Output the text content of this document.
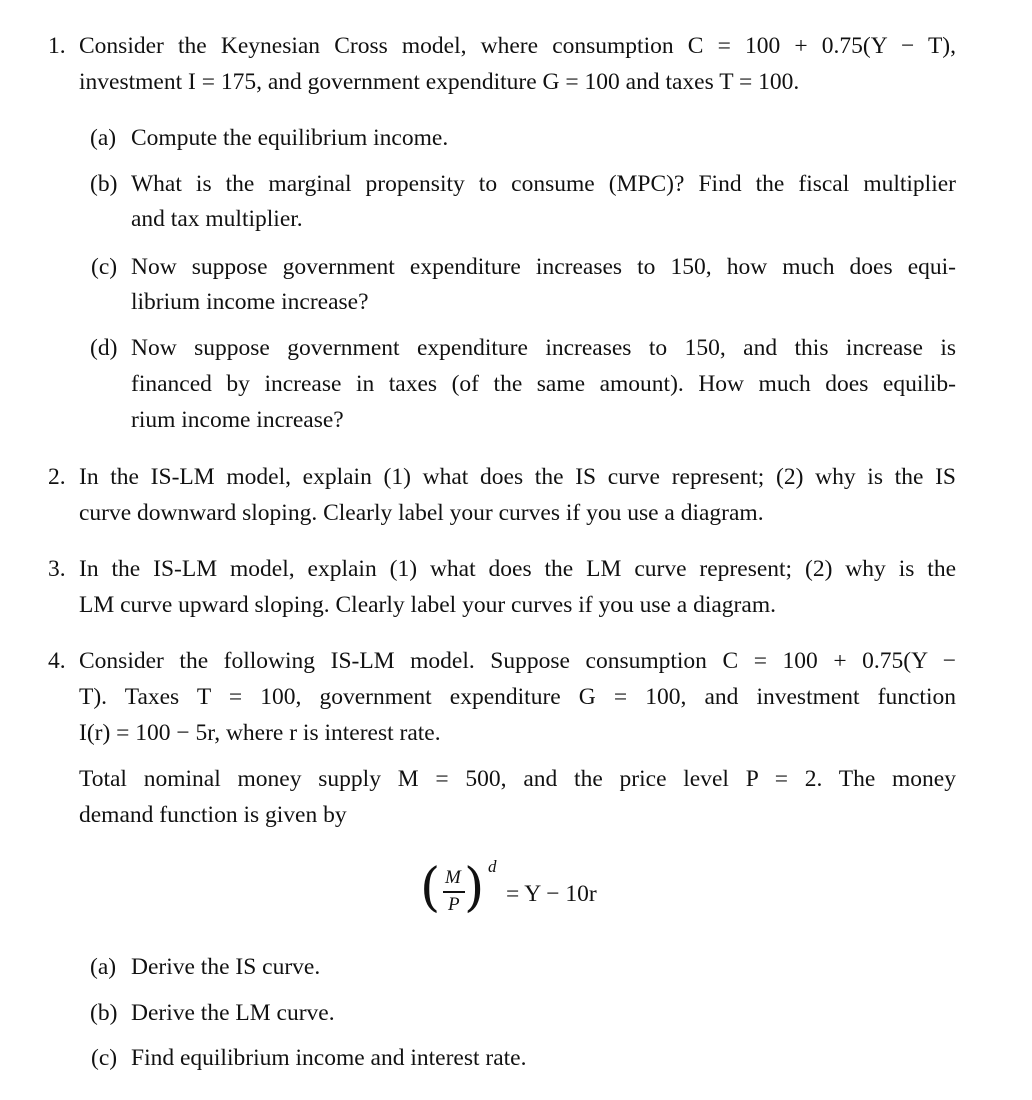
1. Consider the Keynesian Cross model, where consumption C = 100 + 0.75(Y − T),
investment I = 175, and government expenditure G = 100 and taxes T = 100.
(a) Compute the equilibrium income.
(b) What is the marginal propensity to consume (MPC)? Find the fiscal multiplier
and tax multiplier.
(c) Now suppose government expenditure increases to 150, how much does equi-
librium income increase?
(d) Now suppose government expenditure increases to 150, and this increase is
financed by increase in taxes (of the same amount). How much does equilib-
rium income increase?
2. In the IS-LM model, explain (1) what does the IS curve represent; (2) why is the IS
curve downward sloping. Clearly label your curves if you use a diagram.
3. In the IS-LM model, explain (1) what does the LM curve represent; (2) why is the
LM curve upward sloping. Clearly label your curves if you use a diagram.
4. Consider the following IS-LM model. Suppose consumption C = 100 + 0.75(Y −
T). Taxes T = 100, government expenditure G = 100, and investment function
I(r) = 100 − 5r, where r is interest rate.
Total nominal money supply M = 500, and the price level P = 2. The money
demand function is given by
( M
P ) d
= Y − 10r
(a) Derive the IS curve.
(b) Derive the LM curve.
(c) Find equilibrium income and interest rate.
